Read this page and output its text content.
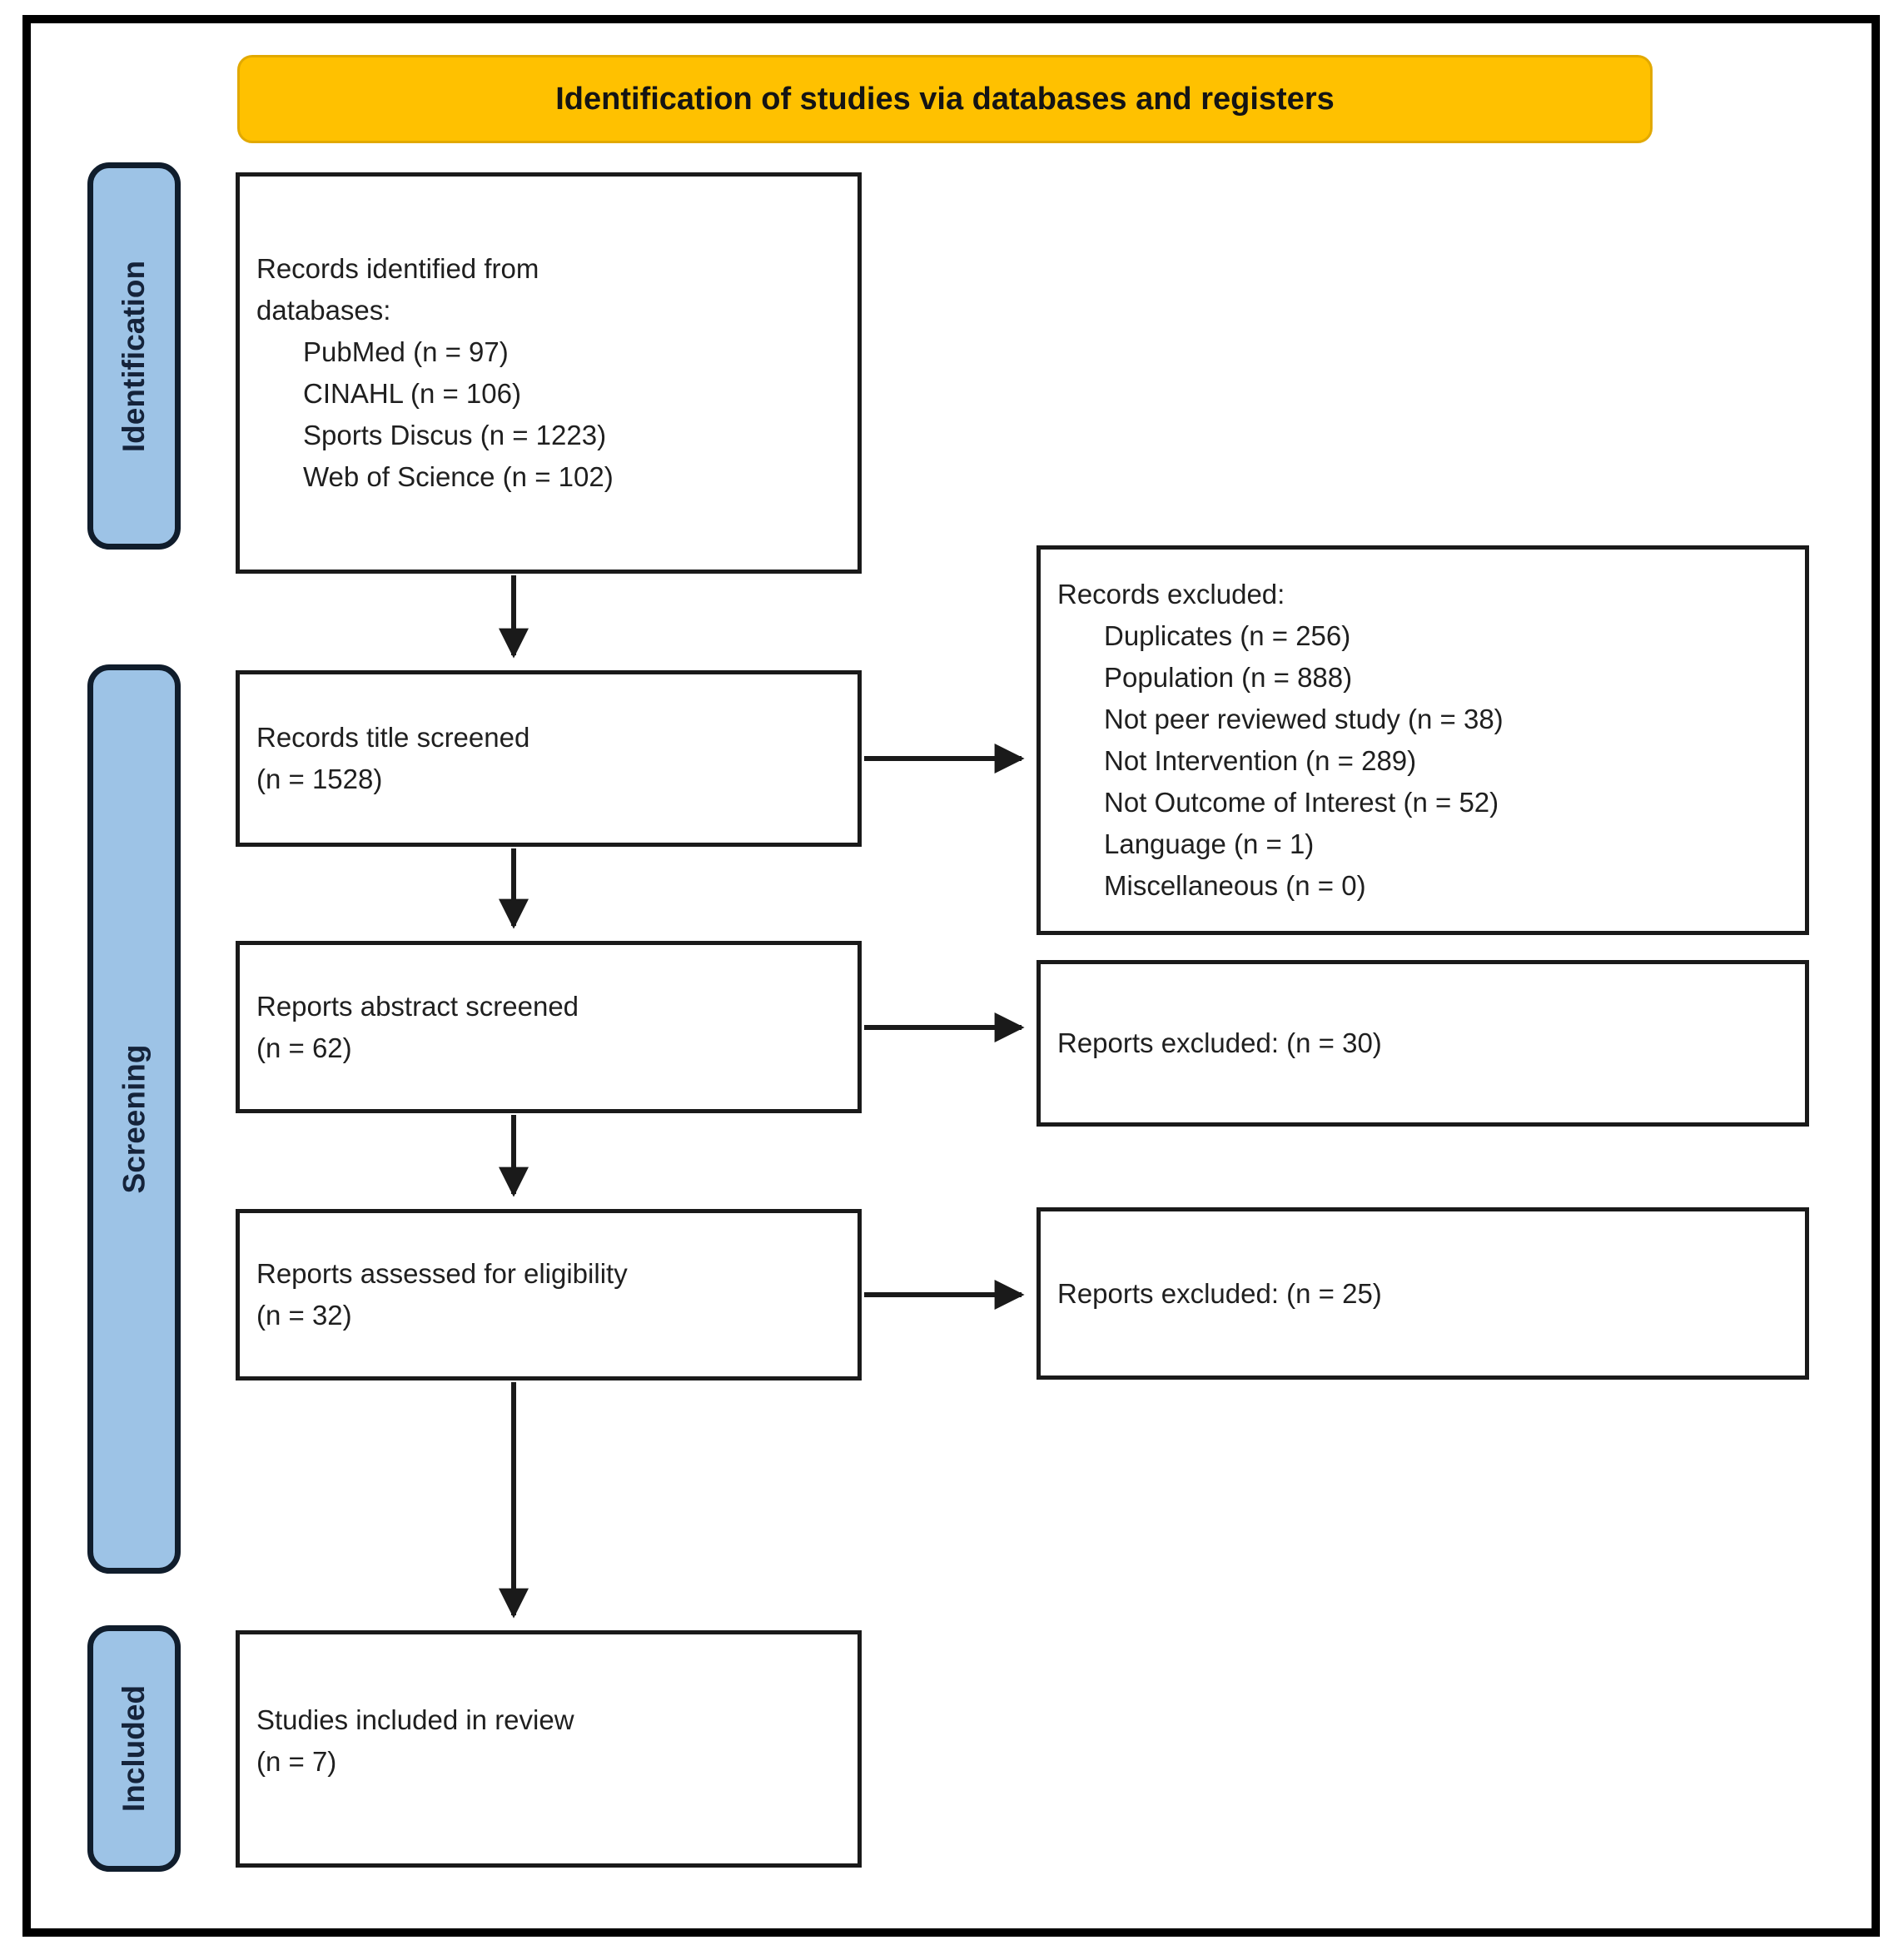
Identification of studies via databases and registers
Identification
Screening
Included
Records identified from
databases:
PubMed (n = 97)
CINAHL (n = 106)
Sports Discus (n = 1223)
Web of Science (n = 102)
Records title screened
(n = 1528)
Reports abstract screened
(n = 62)
Reports assessed for eligibility
(n = 32)
Studies included in review
(n = 7)
Records excluded:
Duplicates (n = 256)
Population (n = 888)
Not peer reviewed study (n = 38)
Not Intervention (n = 289)
Not Outcome of Interest (n = 52)
Language (n = 1)
Miscellaneous (n = 0)
Reports excluded: (n = 30)
Reports excluded: (n = 25)
